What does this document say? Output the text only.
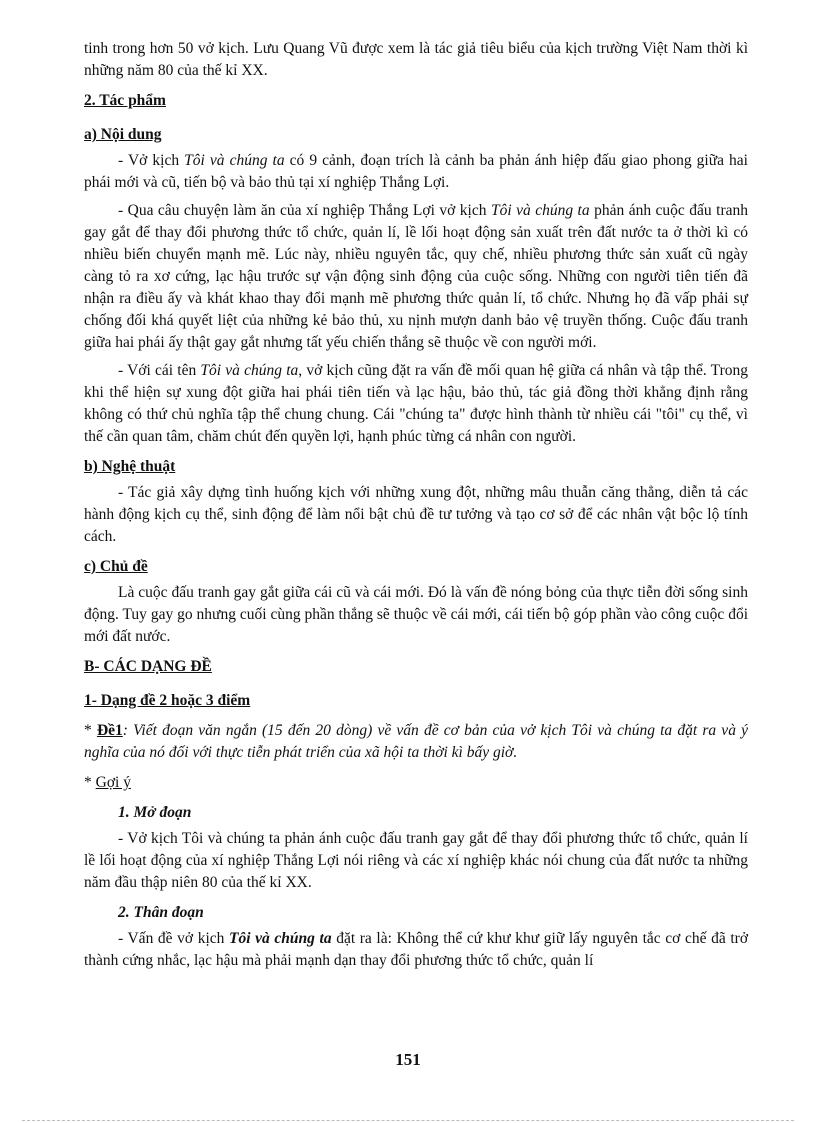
tinh trong hơn 50 vở kịch. Lưu Quang Vũ được xem là tác giả tiêu biểu của kịch trường Việt Nam thời kì những năm 80 của thế kỉ XX.

2. Tác phẩm
a) Nội dung

- Vở kịch Tôi và chúng ta có 9 cảnh, đoạn trích là cảnh ba phản ánh hiệp đấu giao phong giữa hai phái mới và cũ, tiến bộ và bảo thủ tại xí nghiệp Thắng Lợi.

- Qua câu chuyện làm ăn của xí nghiệp Thắng Lợi vở kịch Tôi và chúng ta phản ánh cuộc đấu tranh gay gắt để thay đổi phương thức tổ chức, quản lí, lề lối hoạt động sản xuất trên đất nước ta ở thời kì có nhiều biến chuyển mạnh mẽ. Lúc này, nhiều nguyên tắc, quy chế, nhiều phương thức sản xuất cũ ngày càng tỏ ra xơ cứng, lạc hậu trước sự vận động sinh động của cuộc sống. Những con người tiên tiến đã nhận ra điều ấy và khát khao thay đổi mạnh mẽ phương thức quản lí, tổ chức. Nhưng họ đã vấp phải sự chống đối khá quyết liệt của những kẻ bảo thủ, xu nịnh mượn danh bảo vệ truyền thống. Cuộc đấu tranh giữa hai phái ấy thật gay gắt nhưng tất yếu chiến thắng sẽ thuộc về con người mới.

- Với cái tên Tôi và chúng ta, vở kịch cũng đặt ra vấn đề mối quan hệ giữa cá nhân và tập thể. Trong khi thể hiện sự xung đột giữa hai phái tiên tiến và lạc hậu, bảo thủ, tác giả đồng thời khẳng định rằng không có thứ chủ nghĩa tập thể chung chung. Cái "chúng ta" được hình thành từ nhiều cái "tôi" cụ thể, vì thế cần quan tâm, chăm chút đến quyền lợi, hạnh phúc từng cá nhân con người.

b) Nghệ thuật

- Tác giả xây dựng tình huống kịch với những xung đột, những mâu thuẫn căng thẳng, diễn tả các hành động kịch cụ thể, sinh động để làm nổi bật chủ đề tư tưởng và tạo cơ sở để các nhân vật bộc lộ tính cách.

c) Chủ đề

Là cuộc đấu tranh gay gắt giữa cái cũ và cái mới. Đó là vấn đề nóng bỏng của thực tiễn đời sống sinh động. Tuy gay go nhưng cuối cùng phần thắng sẽ thuộc về cái mới, cái tiến bộ góp phần vào công cuộc đổi mới đất nước.

B- CÁC DẠNG ĐỀ
1- Dạng đề 2 hoặc 3 điểm

* Đề1: Viết đoạn văn ngắn (15 đến 20 dòng) về vấn đề cơ bản của vở kịch Tôi và chúng ta đặt ra và ý nghĩa của nó đối với thực tiễn phát triển của xã hội ta thời kì bấy giờ.

* Gợi ý

1. Mở đoạn

- Vở kịch Tôi và chúng ta phản ánh cuộc đấu tranh gay gắt để thay đổi phương thức tổ chức, quản lí lề lối hoạt động của xí nghiệp Thắng Lợi nói riêng và các xí nghiệp khác nói chung của đất nước ta những năm đầu thập niên 80 của thế kỉ XX.

2. Thân đoạn

- Vấn đề vở kịch Tôi và chúng ta đặt ra là: Không thể cứ khư khư giữ lấy nguyên tắc cơ chế đã trở thành cứng nhắc, lạc hậu mà phải mạnh dạn thay đổi phương thức tổ chức, quản lí

151
